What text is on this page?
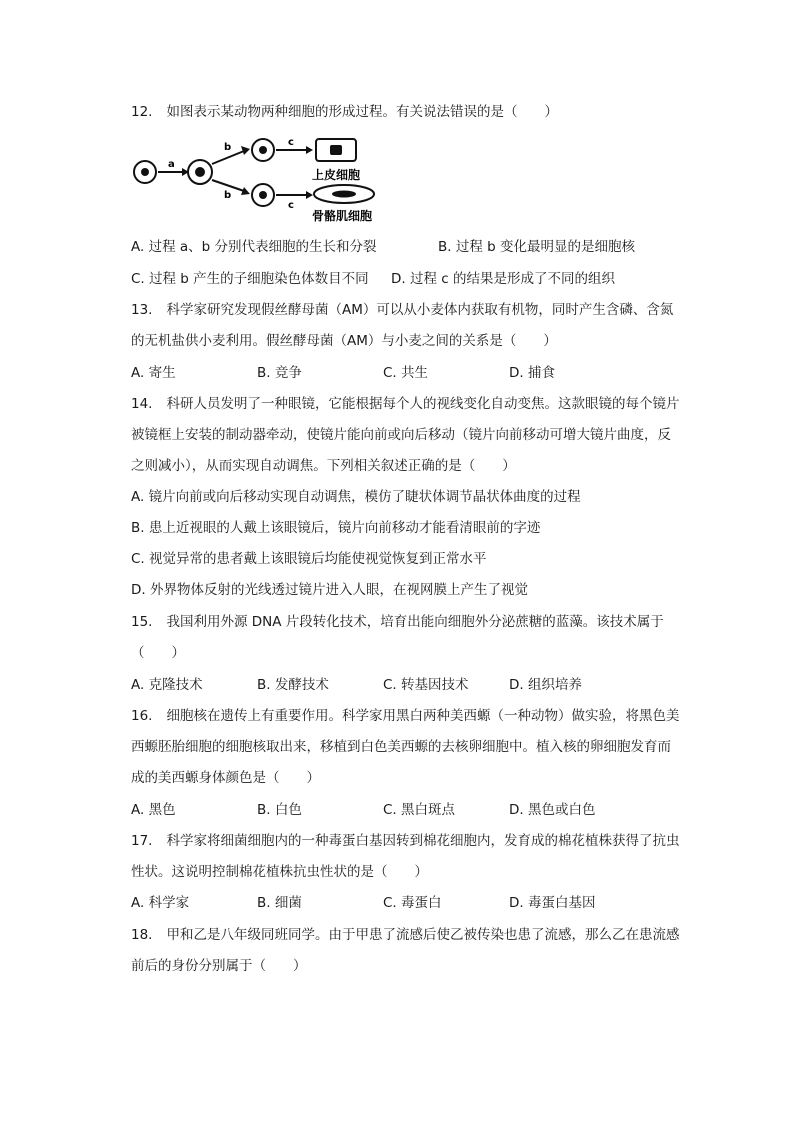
12. 如图表示某动物两种细胞的形成过程。有关说法错误的是（　　）
a
b
b
c
c
上皮细胞
骨骼肌细胞
A. 过程 a、b 分别代表细胞的生长和分裂	B. 过程 b 变化最明显的是细胞核
C. 过程 b 产生的子细胞染色体数目不同 D. 过程 c 的结果是形成了不同的组织
13. 科学家研究发现假丝酵母菌（AM）可以从小麦体内获取有机物，同时产生含磷、含氮
的无机盐供小麦利用。假丝酵母菌（AM）与小麦之间的关系是（　　）
A. 寄生	B. 竞争	C. 共生	D. 捕食
14. 科研人员发明了一种眼镜，它能根据每个人的视线变化自动变焦。这款眼镜的每个镜片
被镜框上安装的制动器牵动，使镜片能向前或向后移动（镜片向前移动可增大镜片曲度，反
之则减小），从而实现自动调焦。下列相关叙述正确的是（　　）
A. 镜片向前或向后移动实现自动调焦，模仿了睫状体调节晶状体曲度的过程
B. 患上近视眼的人戴上该眼镜后，镜片向前移动才能看清眼前的字迹
C. 视觉异常的患者戴上该眼镜后均能使视觉恢复到正常水平
D. 外界物体反射的光线透过镜片进入人眼，在视网膜上产生了视觉
15. 我国利用外源 DNA 片段转化技术，培育出能向细胞外分泌蔗糖的蓝藻。该技术属于
（　　）
A. 克隆技术	B. 发酵技术	C. 转基因技术	D. 组织培养
16. 细胞核在遗传上有重要作用。科学家用黑白两种美西螈（一种动物）做实验，将黑色美
西螈胚胎细胞的细胞核取出来，移植到白色美西螈的去核卵细胞中。植入核的卵细胞发育而
成的美西螈身体颜色是（　　）
A. 黑色	B. 白色	C. 黑白斑点	D. 黑色或白色
17. 科学家将细菌细胞内的一种毒蛋白基因转到棉花细胞内，发育成的棉花植株获得了抗虫
性状。这说明控制棉花植株抗虫性状的是（　　）
A. 科学家	B. 细菌	C. 毒蛋白	D. 毒蛋白基因
18. 甲和乙是八年级同班同学。由于甲患了流感后使乙被传染也患了流感，那么乙在患流感
前后的身份分别属于（　　）
